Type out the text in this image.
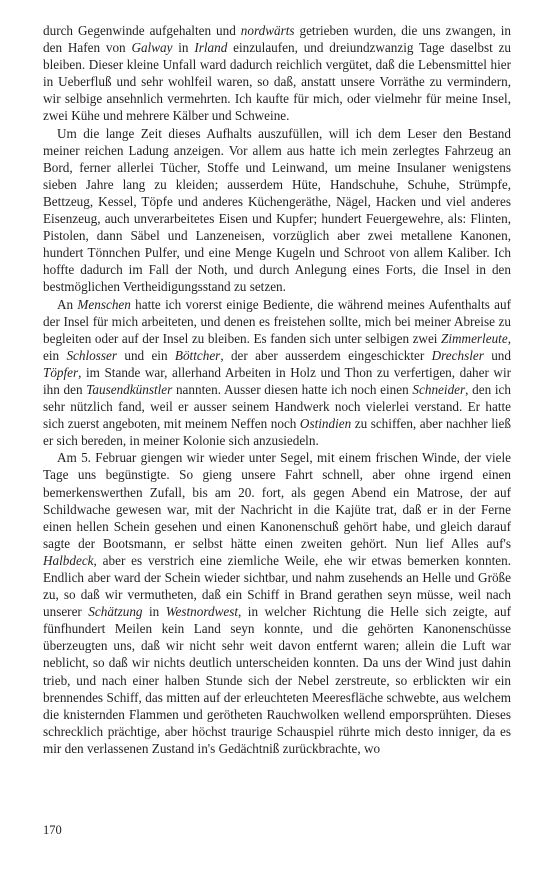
durch Gegenwinde aufgehalten und nordwärts getrieben wurden, die uns zwangen, in den Hafen von Galway in Irland einzulaufen, und dreiundzwanzig Tage daselbst zu bleiben. Dieser kleine Unfall ward dadurch reichlich vergütet, daß die Lebensmittel hier in Ueberfluß und sehr wohlfeil waren, so daß, anstatt unsere Vorräthe zu vermindern, wir selbige ansehnlich vermehrten. Ich kaufte für mich, oder vielmehr für meine Insel, zwei Kühe und mehrere Kälber und Schweine.

Um die lange Zeit dieses Aufhalts auszufüllen, will ich dem Leser den Bestand meiner reichen Ladung anzeigen. Vor allem aus hatte ich mein zerlegtes Fahrzeug an Bord, ferner allerlei Tücher, Stoffe und Leinwand, um meine Insulaner wenigstens sieben Jahre lang zu kleiden; ausserdem Hüte, Handschuhe, Schuhe, Strümpfe, Bettzeug, Kessel, Töpfe und anderes Küchengeräthe, Nägel, Hacken und viel anderes Eisenzeug, auch unverarbeitetes Eisen und Kupfer; hundert Feuergewehre, als: Flinten, Pistolen, dann Säbel und Lanzeneisen, vorzüglich aber zwei metallene Kanonen, hundert Tönnchen Pulfer, und eine Menge Kugeln und Schroot von allem Kaliber. Ich hoffte dadurch im Fall der Noth, und durch Anlegung eines Forts, die Insel in den bestmöglichen Vertheidigungsstand zu setzen.

An Menschen hatte ich vorerst einige Bediente, die während meines Aufenthalts auf der Insel für mich arbeiteten, und denen es freistehen sollte, mich bei meiner Abreise zu begleiten oder auf der Insel zu bleiben. Es fanden sich unter selbigen zwei Zimmerleute, ein Schlosser und ein Böttcher, der aber ausserdem eingeschickter Drechsler und Töpfer, im Stande war, allerhand Arbeiten in Holz und Thon zu verfertigen, daher wir ihn den Tausendkünstler nannten. Ausser diesen hatte ich noch einen Schneider, den ich sehr nützlich fand, weil er ausser seinem Handwerk noch vielerlei verstand. Er hatte sich zuerst angeboten, mit meinem Neffen noch Ostindien zu schiffen, aber nachher ließ er sich bereden, in meiner Kolonie sich anzusiedeln.

Am 5. Februar giengen wir wieder unter Segel, mit einem frischen Winde, der viele Tage uns begünstigte. So gieng unsere Fahrt schnell, aber ohne irgend einen bemerkenswerthen Zufall, bis am 20. fort, als gegen Abend ein Matrose, der auf Schildwache gewesen war, mit der Nachricht in die Kajüte trat, daß er in der Ferne einen hellen Schein gesehen und einen Kanonenschuß gehört habe, und gleich darauf sagte der Bootsmann, er selbst hätte einen zweiten gehört. Nun lief Alles auf's Halbdeck, aber es verstrich eine ziemliche Weile, ehe wir etwas bemerken konnten. Endlich aber ward der Schein wieder sichtbar, und nahm zusehends an Helle und Größe zu, so daß wir vermutheten, daß ein Schiff in Brand gerathen seyn müsse, weil nach unserer Schätzung in Westnordwest, in welcher Richtung die Helle sich zeigte, auf fünfhundert Meilen kein Land seyn konnte, und die gehörten Kanonenschüsse überzeugten uns, daß wir nicht sehr weit davon entfernt waren; allein die Luft war neblicht, so daß wir nichts deutlich unterscheiden konnten. Da uns der Wind just dahin trieb, und nach einer halben Stunde sich der Nebel zerstreute, so erblickten wir ein brennendes Schiff, das mitten auf der erleuchteten Meeresfläche schwebte, aus welchem die knisternden Flammen und gerötheten Rauchwolken wellend emporsprühten. Dieses schrecklich prächtige, aber höchst traurige Schauspiel rührte mich desto inniger, da es mir den verlassenen Zustand in's Gedächtniß zurückbrachte, wo

170
